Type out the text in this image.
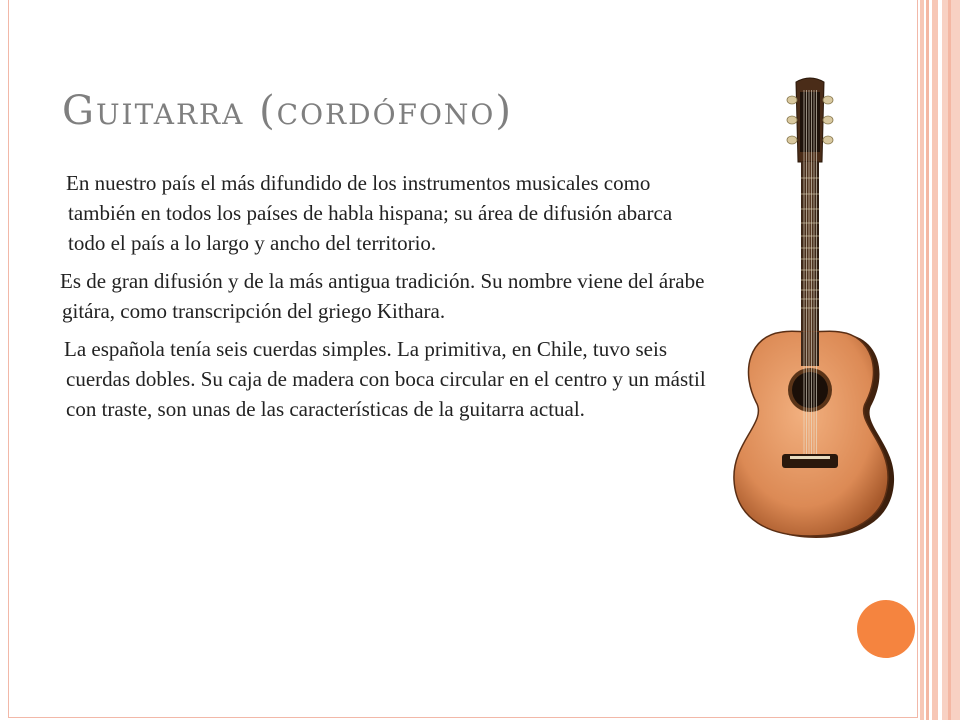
Guitarra (cordófono)

En nuestro país el más difundido de los instrumentos musicales como también en todos los países de habla hispana; su área de difusión abarca todo el país a lo largo y ancho del territorio.

Es de gran difusión y de la más antigua tradición. Su nombre viene del árabe gitára, como transcripción del griego Kithara.

La española tenía seis cuerdas simples. La primitiva, en Chile, tuvo seis cuerdas dobles. Su caja de madera con boca circular en el centro y un mástil con traste, son unas de las características de la guitarra actual.
